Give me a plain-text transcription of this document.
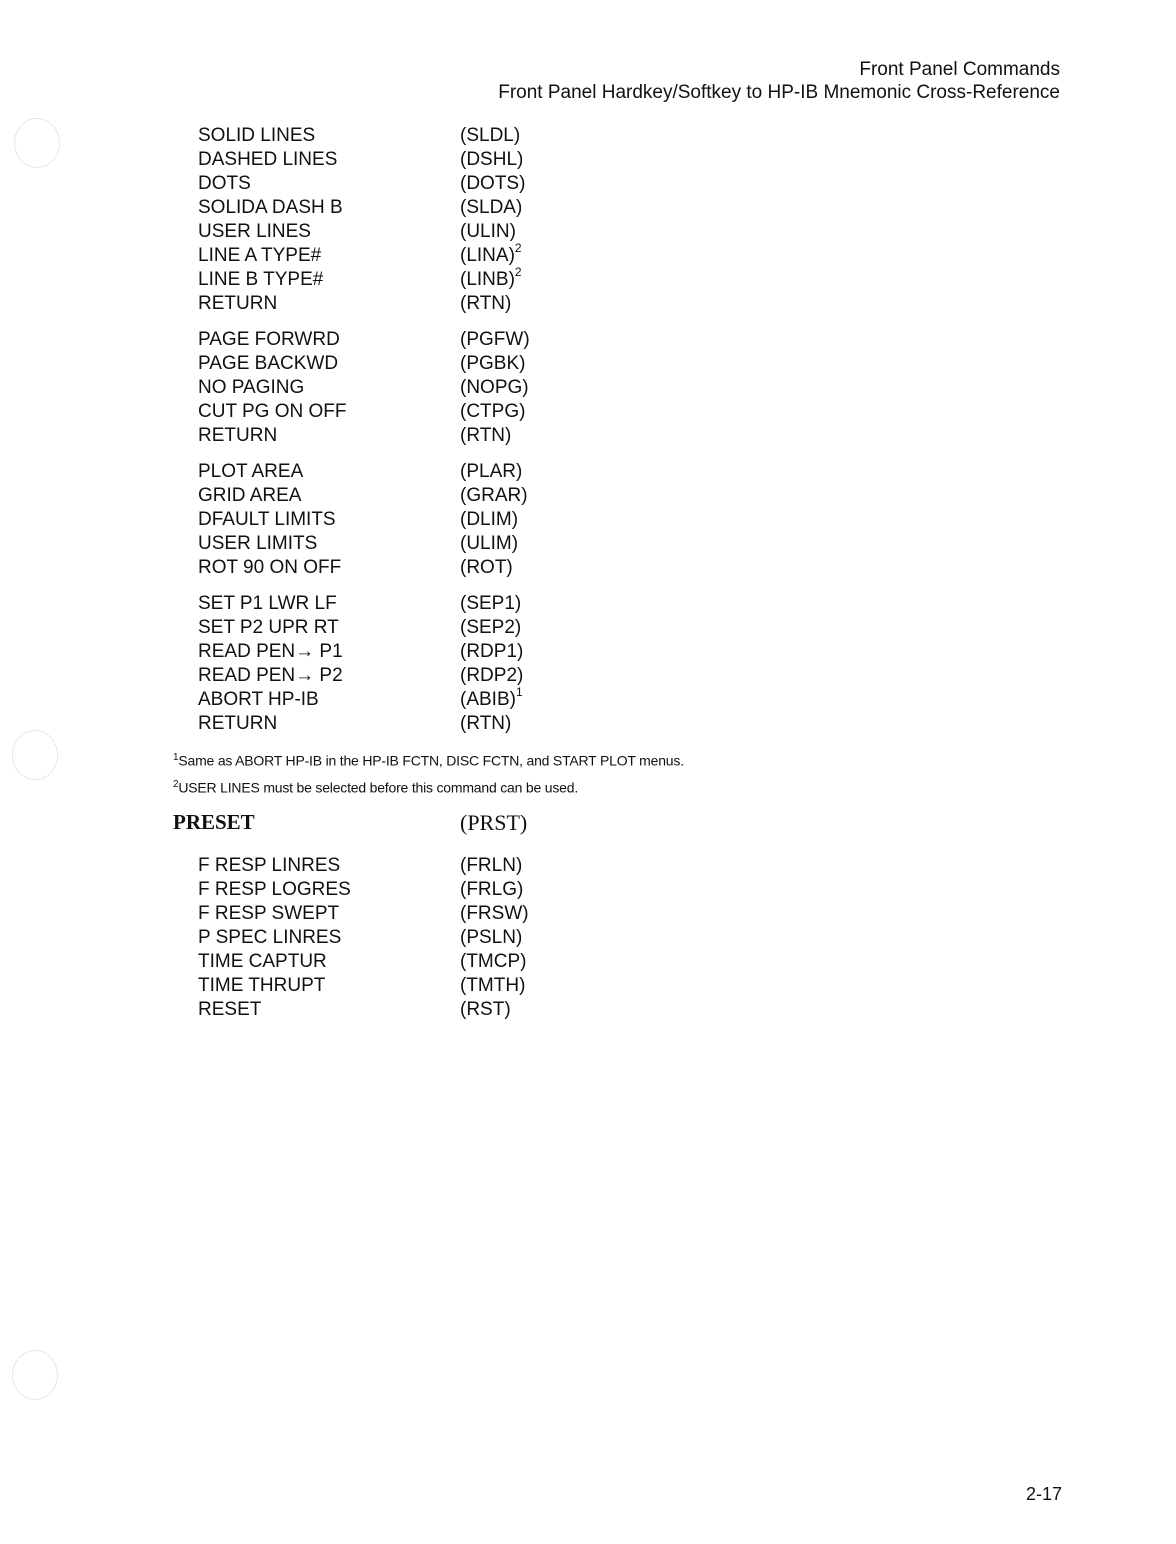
Front Panel Commands
Front Panel Hardkey/Softkey to HP-IB Mnemonic Cross-Reference
SOLID LINES	(SLDL)
DASHED LINES	(DSHL)
DOTS	(DOTS)
SOLIDA DASH B	(SLDA)
USER LINES	(ULIN)
LINE A TYPE#	(LINA)$^2$
LINE B TYPE#	(LINB)$^2$
RETURN	(RTN)
PAGE FORWRD	(PGFW)
PAGE BACKWD	(PGBK)
NO PAGING	(NOPG)
CUT PG ON OFF	(CTPG)
RETURN	(RTN)
PLOT AREA	(PLAR)
GRID AREA	(GRAR)
DFAULT LIMITS	(DLIM)
USER LIMITS	(ULIM)
ROT 90 ON OFF	(ROT)
SET P1 LWR LF	(SEP1)
SET P2 UPR RT	(SEP2)
READ PEN→ P1	(RDP1)
READ PEN→ P2	(RDP2)
ABORT HP-IB	(ABIB)$^1$
RETURN	(RTN)
$^1$Same as ABORT HP-IB in the HP-IB FCTN, DISC FCTN, and START PLOT menus.
$^2$USER LINES must be selected before this command can be used.
PRESET	(PRST)
F RESP LINRES	(FRLN)
F RESP LOGRES	(FRLG)
F RESP SWEPT	(FRSW)
P SPEC LINRES	(PSLN)
TIME CAPTUR	(TMCP)
TIME THRUPT	(TMTH)
RESET	(RST)
2-17
